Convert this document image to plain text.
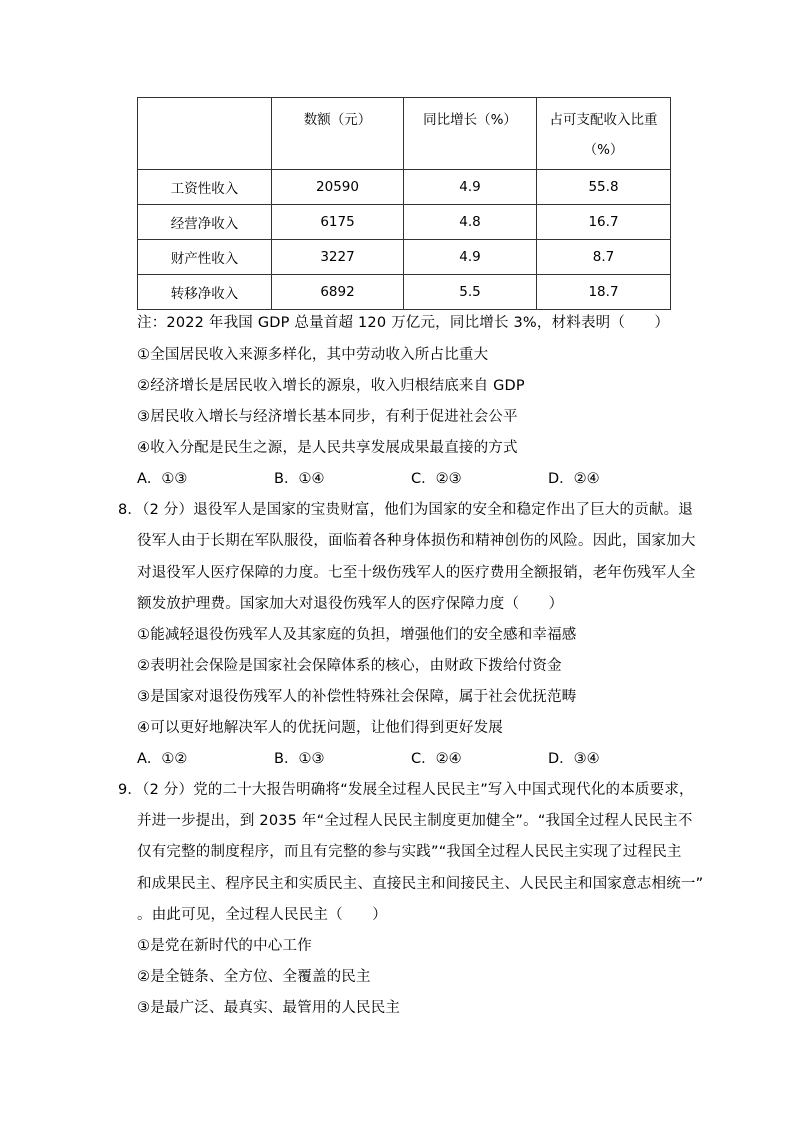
	数额（元）	同比增长（%）	占可支配收入比重
（%）

工资性收入	20590	4.9	55.8
经营净收入	6175	4.8	16.7
财产性收入	3227	4.9	8.7
转移净收入	6892	5.5	18.7
注：2022 年我国 GDP 总量首超 120 万亿元，同比增长 3%，材料表明（　　）
①全国居民收入来源多样化，其中劳动收入所占比重大
②经济增长是居民收入增长的源泉，收入归根结底来自 GDP
③居民收入增长与经济增长基本同步，有利于促进社会公平
④收入分配是民生之源，是人民共享发展成果最直接的方式
A．①③	B．①④	C．②③	D．②④
8．（2 分）退役军人是国家的宝贵财富，他们为国家的安全和稳定作出了巨大的贡献。退
役军人由于长期在军队服役，面临着各种身体损伤和精神创伤的风险。因此，国家加大
对退役军人医疗保障的力度。七至十级伤残军人的医疗费用全额报销，老年伤残军人全
额发放护理费。国家加大对退役伤残军人的医疗保障力度（　　）
①能减轻退役伤残军人及其家庭的负担，增强他们的安全感和幸福感
②表明社会保险是国家社会保障体系的核心，由财政下拨给付资金
③是国家对退役伤残军人的补偿性特殊社会保障，属于社会优抚范畴
④可以更好地解决军人的优抚问题，让他们得到更好发展
A．①②	B．①③	C．②④	D．③④
9．（2 分）党的二十大报告明确将“发展全过程人民民主”写入中国式现代化的本质要求，
并进一步提出，到 2035 年“全过程人民民主制度更加健全”。“我国全过程人民民主不
仅有完整的制度程序，而且有完整的参与实践”“我国全过程人民民主实现了过程民主
和成果民主、程序民主和实质民主、直接民主和间接民主、人民民主和国家意志相统一”
。由此可见，全过程人民民主（　　）
①是党在新时代的中心工作
②是全链条、全方位、全覆盖的民主
③是最广泛、最真实、最管用的人民民主
